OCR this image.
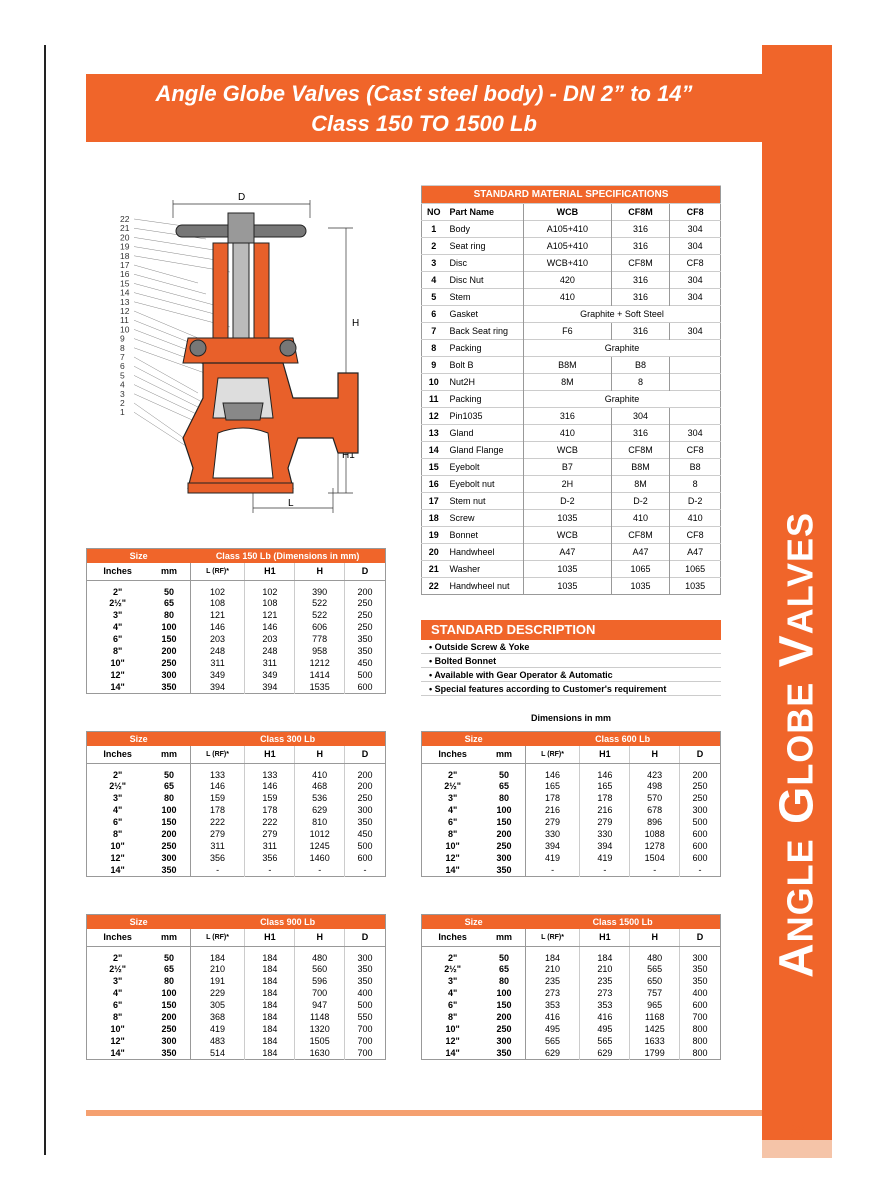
ANGLE GLOBE VALVES
33
Angle Globe Valves (Cast steel body) - DN 2” to 14”
Class 150 TO 1500 Lb
22
21
20
19
18
17
16
15
14
13
12
11
10
9
8
7
6
5
4
3
2
1
D
H
H1
L
STANDARD MATERIAL SPECIFICATIONS				
NO	Part Name	WCB	CF8M	CF8
1	Body	A105+410	316	304
2	Seat ring	A105+410	316	304
3	Disc	WCB+410	CF8M	CF8
4	Disc Nut	420	316	304
5	Stem	410	316	304
6	Gasket	Graphite + Soft Steel		
7	Back Seat ring	F6	316	304
8	Packing	Graphite		
9	Bolt B	B8M	B8	
10	Nut2H	8M	8	
11	Packing	Graphite		
12	Pin1035	316	304	
13	Gland	410	316	304
14	Gland Flange	WCB	CF8M	CF8
15	Eyebolt	B7	B8M	B8
16	Eyebolt nut	2H	8M	8
17	Stem nut	D-2	D-2	D-2
18	Screw	1035	410	410
19	Bonnet	WCB	CF8M	CF8
20	Handwheel	A47	A47	A47
21	Washer	1035	1065	1065
22	Handwheel nut	1035	1035	1035
STANDARD DESCRIPTION
• Outside Screw & Yoke
• Bolted Bonnet
• Available with Gear Operator & Automatic
• Special features according to Customer's requirement
Dimensions in mm
Size		Class 150 Lb (Dimensions in mm)			
Inches	mm	L (RF)*	H1	H	D
2"	50	102	102	390	200
2½"	65	108	108	522	250
3"	80	121	121	522	250
4"	100	146	146	606	250
6"	150	203	203	778	350
8"	200	248	248	958	350
10"	250	311	311	1212	450
12"	300	349	349	1414	500
14"	350	394	394	1535	600
Size		Class 300 Lb			
Inches	mm	L (RF)*	H1	H	D
2"	50	133	133	410	200
2½"	65	146	146	468	200
3"	80	159	159	536	250
4"	100	178	178	629	300
6"	150	222	222	810	350
8"	200	279	279	1012	450
10"	250	311	311	1245	500
12"	300	356	356	1460	600
14"	350	-	-	-	-
Size		Class 600 Lb			
Inches	mm	L (RF)*	H1	H	D
2"	50	146	146	423	200
2½"	65	165	165	498	250
3"	80	178	178	570	250
4"	100	216	216	678	300
6"	150	279	279	896	500
8"	200	330	330	1088	600
10"	250	394	394	1278	600
12"	300	419	419	1504	600
14"	350	-	-	-	-
Size		Class 900 Lb			
Inches	mm	L (RF)*	H1	H	D
2"	50	184	184	480	300
2½"	65	210	184	560	350
3"	80	191	184	596	350
4"	100	229	184	700	400
6"	150	305	184	947	500
8"	200	368	184	1148	550
10"	250	419	184	1320	700
12"	300	483	184	1505	700
14"	350	514	184	1630	700
Size		Class 1500 Lb			
Inches	mm	L (RF)*	H1	H	D
2"	50	184	184	480	300
2½"	65	210	210	565	350
3"	80	235	235	650	350
4"	100	273	273	757	400
6"	150	353	353	965	600
8"	200	416	416	1168	700
10"	250	495	495	1425	800
12"	300	565	565	1633	800
14"	350	629	629	1799	800
